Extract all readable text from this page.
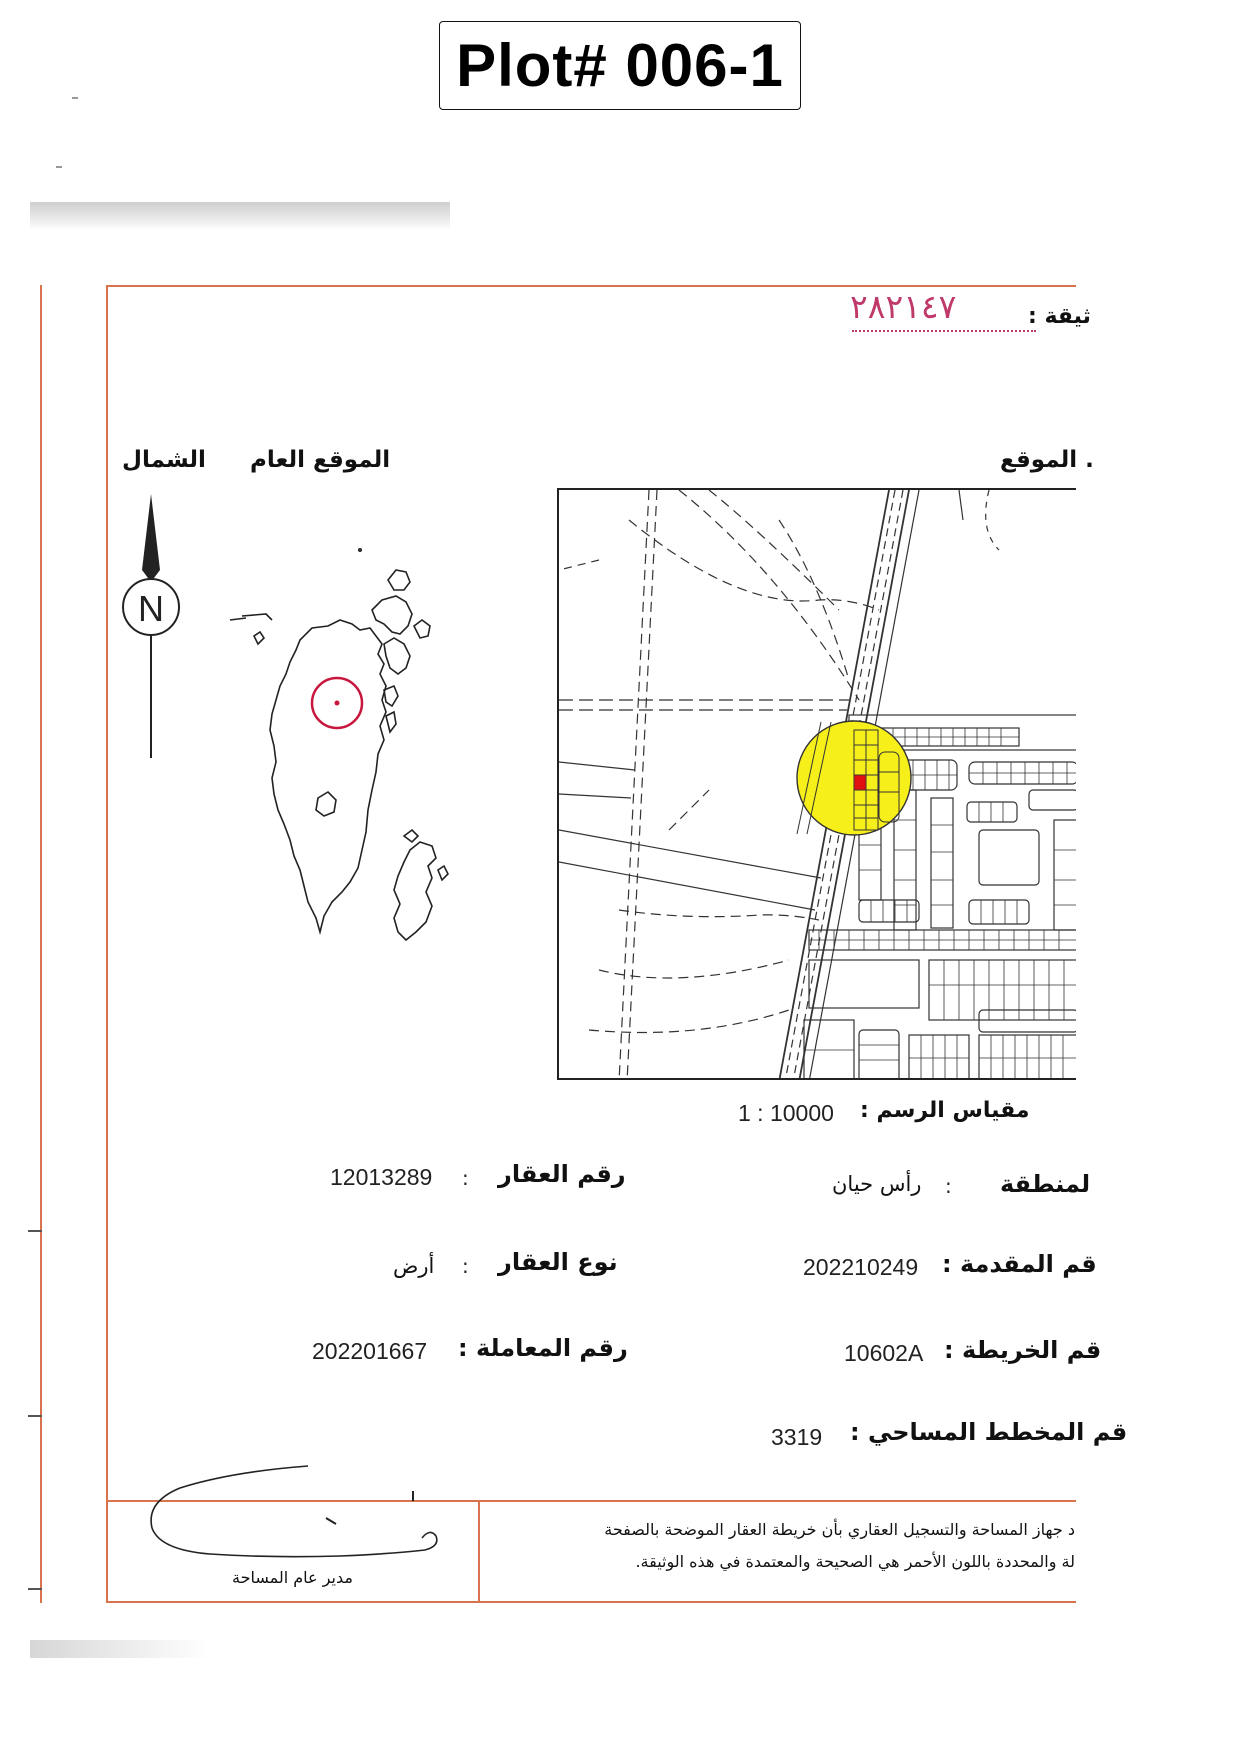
Plot# 006-1
ثيقة :
٢٨٢١٤٧
الشمال الموقع العام	. الموقع
N
مقياس الرسم :
1 : 10000
12013289 : رقم العقار
أرض : نوع العقار
202201667 رقم المعاملة :
رأس حيان : لمنطقة
202210249 قم المقدمة :
10602A قم الخريطة :
3319 قم المخطط المساحي :
د جهاز المساحة والتسجيل العقاري بأن خريطة العقار الموضحة بالصفحة
لة والمحددة باللون الأحمر هي الصحيحة والمعتمدة في هذه الوثيقة.
مدير عام المساحة
